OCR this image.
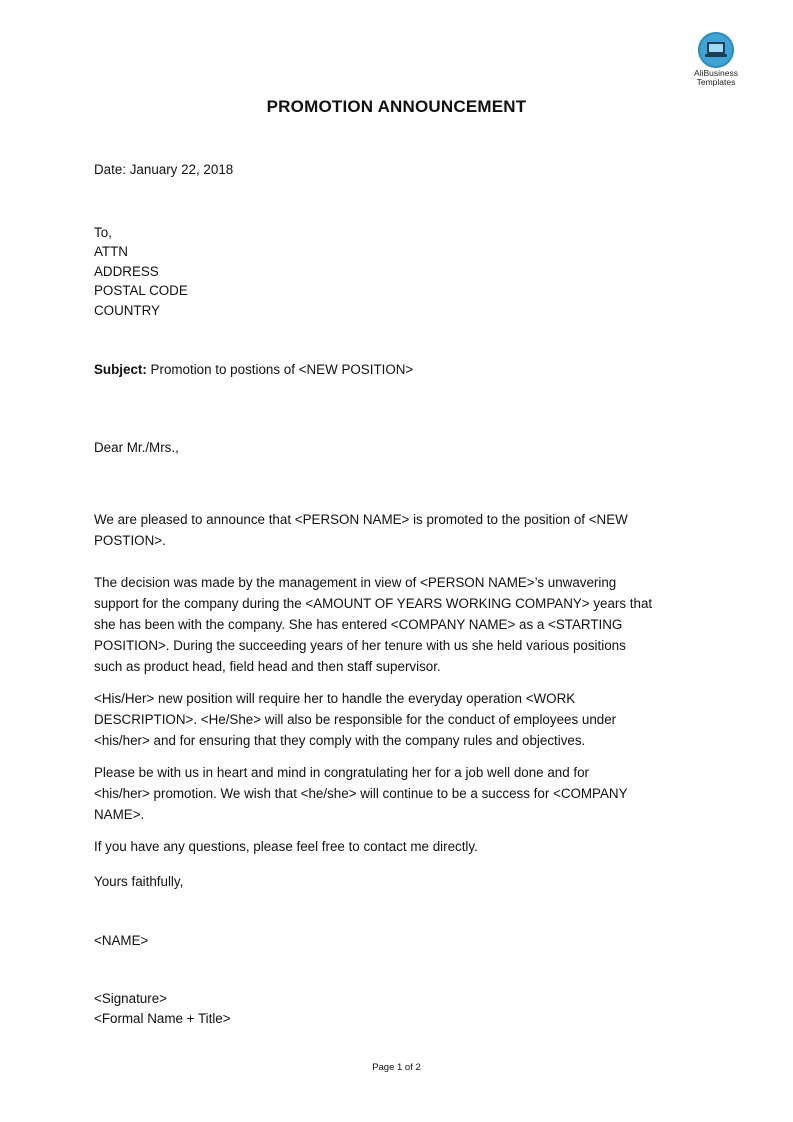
AliBusiness
Templates
PROMOTION ANNOUNCEMENT
Date: January 22, 2018
To,
ATTN
ADDRESS
POSTAL CODE
COUNTRY
Subject: Promotion to postions of <NEW POSITION>
Dear Mr./Mrs.,
We are pleased to announce that <PERSON NAME> is promoted to the position of <NEW
POSTION>.
The decision was made by the management in view of <PERSON NAME>’s unwavering
support for the company during the <AMOUNT OF YEARS WORKING COMPANY> years that
she has been with the company. She has entered <COMPANY NAME> as a <STARTING
POSITION>. During the succeeding years of her tenure with us she held various positions
such as product head, field head and then staff supervisor.
<His/Her> new position will require her to handle the everyday operation <WORK
DESCRIPTION>. <He/She> will also be responsible for the conduct of employees under
<his/her> and for ensuring that they comply with the company rules and objectives.
Please be with us in heart and mind in congratulating her for a job well done and for
<his/her> promotion. We wish that <he/she> will continue to be a success for <COMPANY
NAME>.
If you have any questions, please feel free to contact me directly.
Yours faithfully,
<NAME>
<Signature>
<Formal Name + Title>
Page 1 of 2
